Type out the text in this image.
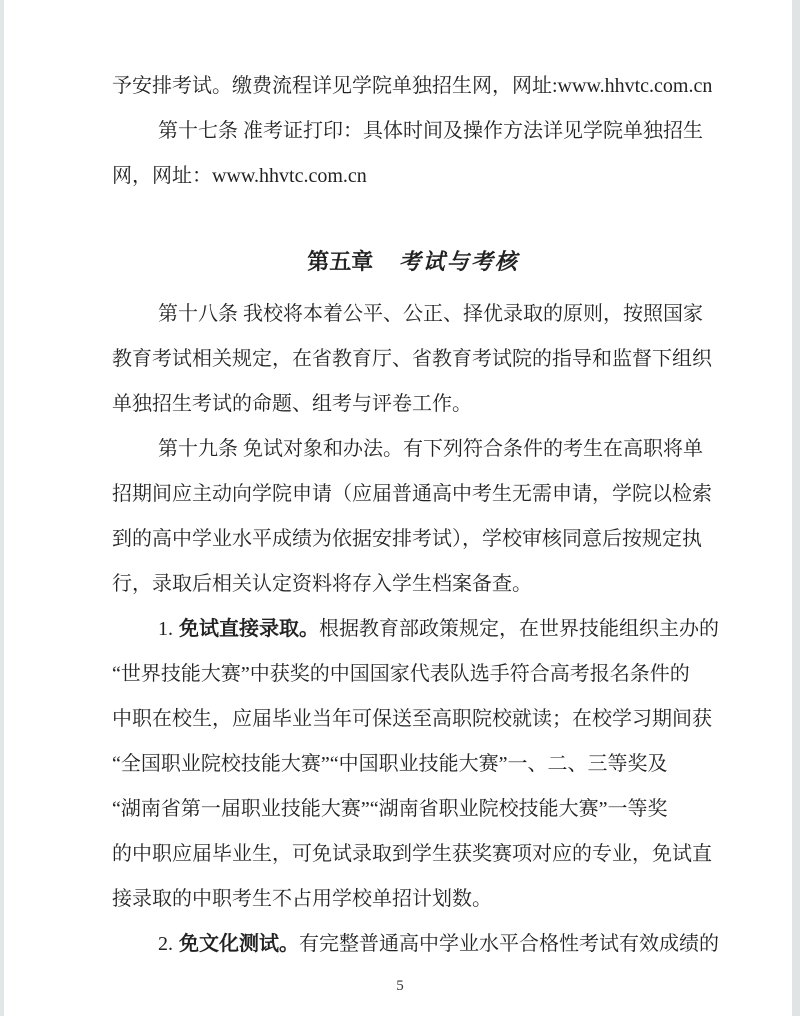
予安排考试。缴费流程详见学院单独招生网，网址:www.hhvtc.com.cn

第十七条 准考证打印：具体时间及操作方法详见学院单独招生

网，网址：www.hhvtc.com.cn

第五章 考试与考核

第十八条 我校将本着公平、公正、择优录取的原则，按照国家

教育考试相关规定，在省教育厅、省教育考试院的指导和监督下组织

单独招生考试的命题、组考与评卷工作。

第十九条 免试对象和办法。有下列符合条件的考生在高职将单

招期间应主动向学院申请（应届普通高中考生无需申请，学院以检索

到的高中学业水平成绩为依据安排考试），学校审核同意后按规定执

行，录取后相关认定资料将存入学生档案备查。

1. 免试直接录取。根据教育部政策规定，在世界技能组织主办的

“世界技能大赛”中获奖的中国国家代表队选手符合高考报名条件的

中职在校生，应届毕业当年可保送至高职院校就读；在校学习期间获

“全国职业院校技能大赛”“中国职业技能大赛”一、二、三等奖及

“湖南省第一届职业技能大赛”“湖南省职业院校技能大赛”一等奖

的中职应届毕业生，可免试录取到学生获奖赛项对应的专业，免试直

接录取的中职考生不占用学校单招计划数。

2. 免文化测试。有完整普通高中学业水平合格性考试有效成绩的

5
